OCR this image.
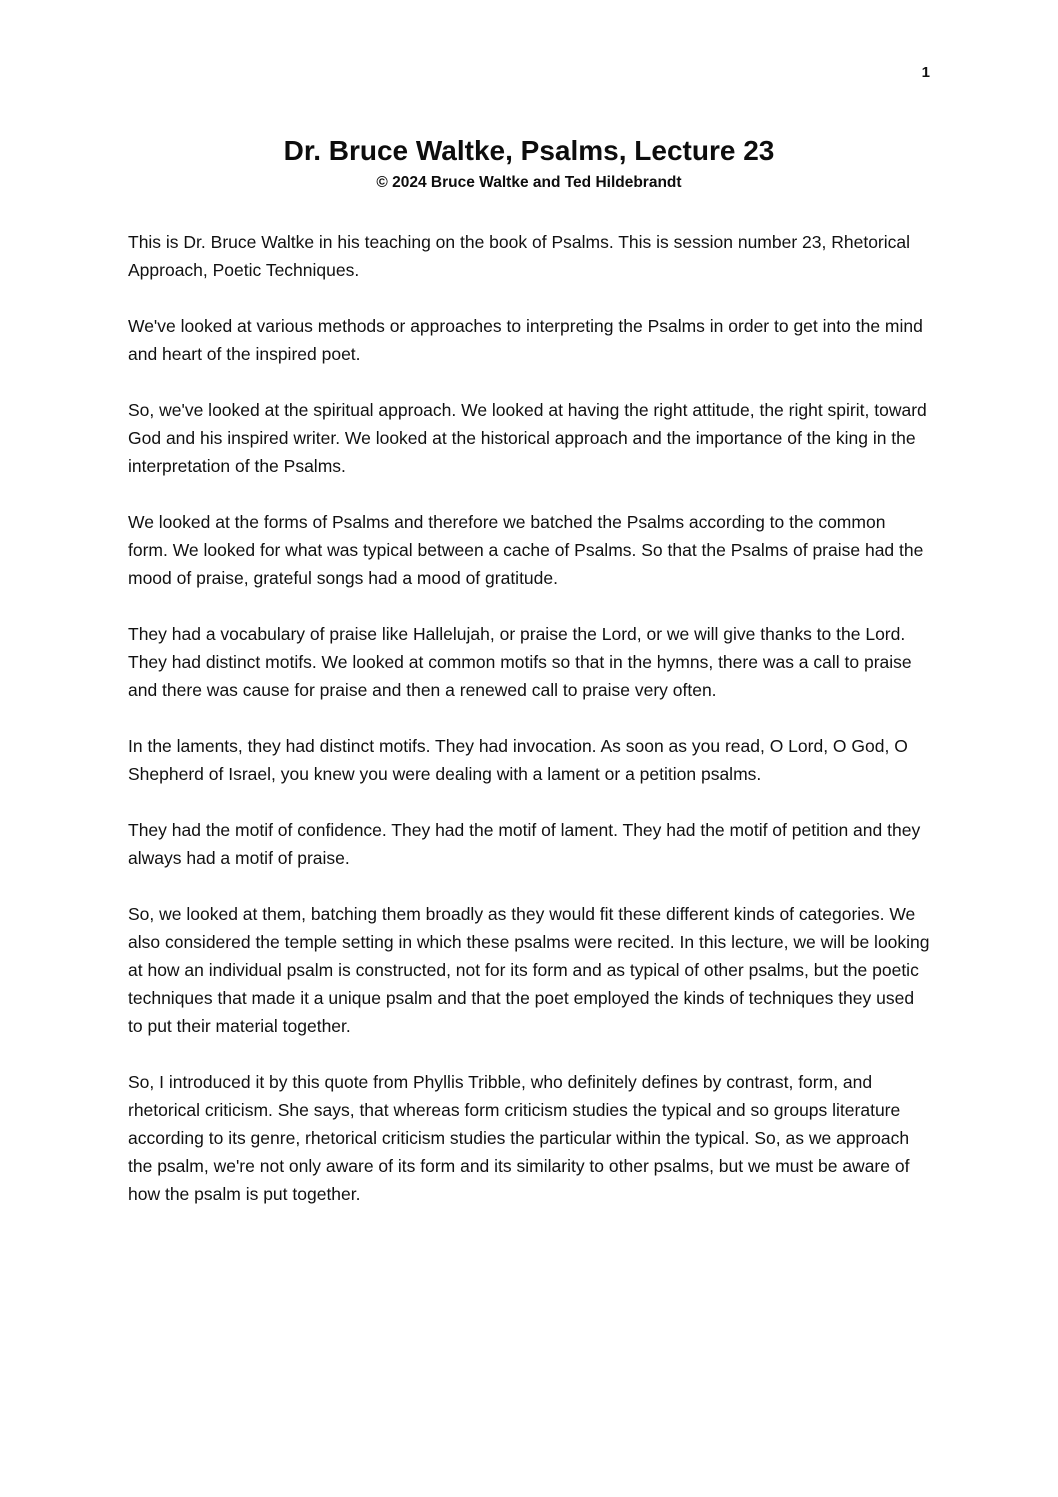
1
Dr. Bruce Waltke, Psalms, Lecture 23
© 2024 Bruce Waltke and Ted Hildebrandt

This is Dr. Bruce Waltke in his teaching on the book of Psalms. This is session number 23, Rhetorical Approach, Poetic Techniques.

We've looked at various methods or approaches to interpreting the Psalms in order to get into the mind and heart of the inspired poet.

So, we've looked at the spiritual approach. We looked at having the right attitude, the right spirit, toward God and his inspired writer. We looked at the historical approach and the importance of the king in the interpretation of the Psalms.

We looked at the forms of Psalms and therefore we batched the Psalms according to the common form. We looked for what was typical between a cache of Psalms. So that the Psalms of praise had the mood of praise, grateful songs had a mood of gratitude.

They had a vocabulary of praise like Hallelujah, or praise the Lord, or we will give thanks to the Lord. They had distinct motifs. We looked at common motifs so that in the hymns, there was a call to praise and there was cause for praise and then a renewed call to praise very often.

In the laments, they had distinct motifs. They had invocation. As soon as you read, O Lord, O God, O Shepherd of Israel, you knew you were dealing with a lament or a petition psalms.

They had the motif of confidence. They had the motif of lament. They had the motif of petition and they always had a motif of praise.

So, we looked at them, batching them broadly as they would fit these different kinds of categories. We also considered the temple setting in which these psalms were recited. In this lecture, we will be looking at how an individual psalm is constructed, not for its form and as typical of other psalms, but the poetic techniques that made it a unique psalm and that the poet employed the kinds of techniques they used to put their material together.

So, I introduced it by this quote from Phyllis Tribble, who definitely defines by contrast, form, and rhetorical criticism. She says, that whereas form criticism studies the typical and so groups literature according to its genre, rhetorical criticism studies the particular within the typical. So, as we approach the psalm, we're not only aware of its form and its similarity to other psalms, but we must be aware of how the psalm is put together.
